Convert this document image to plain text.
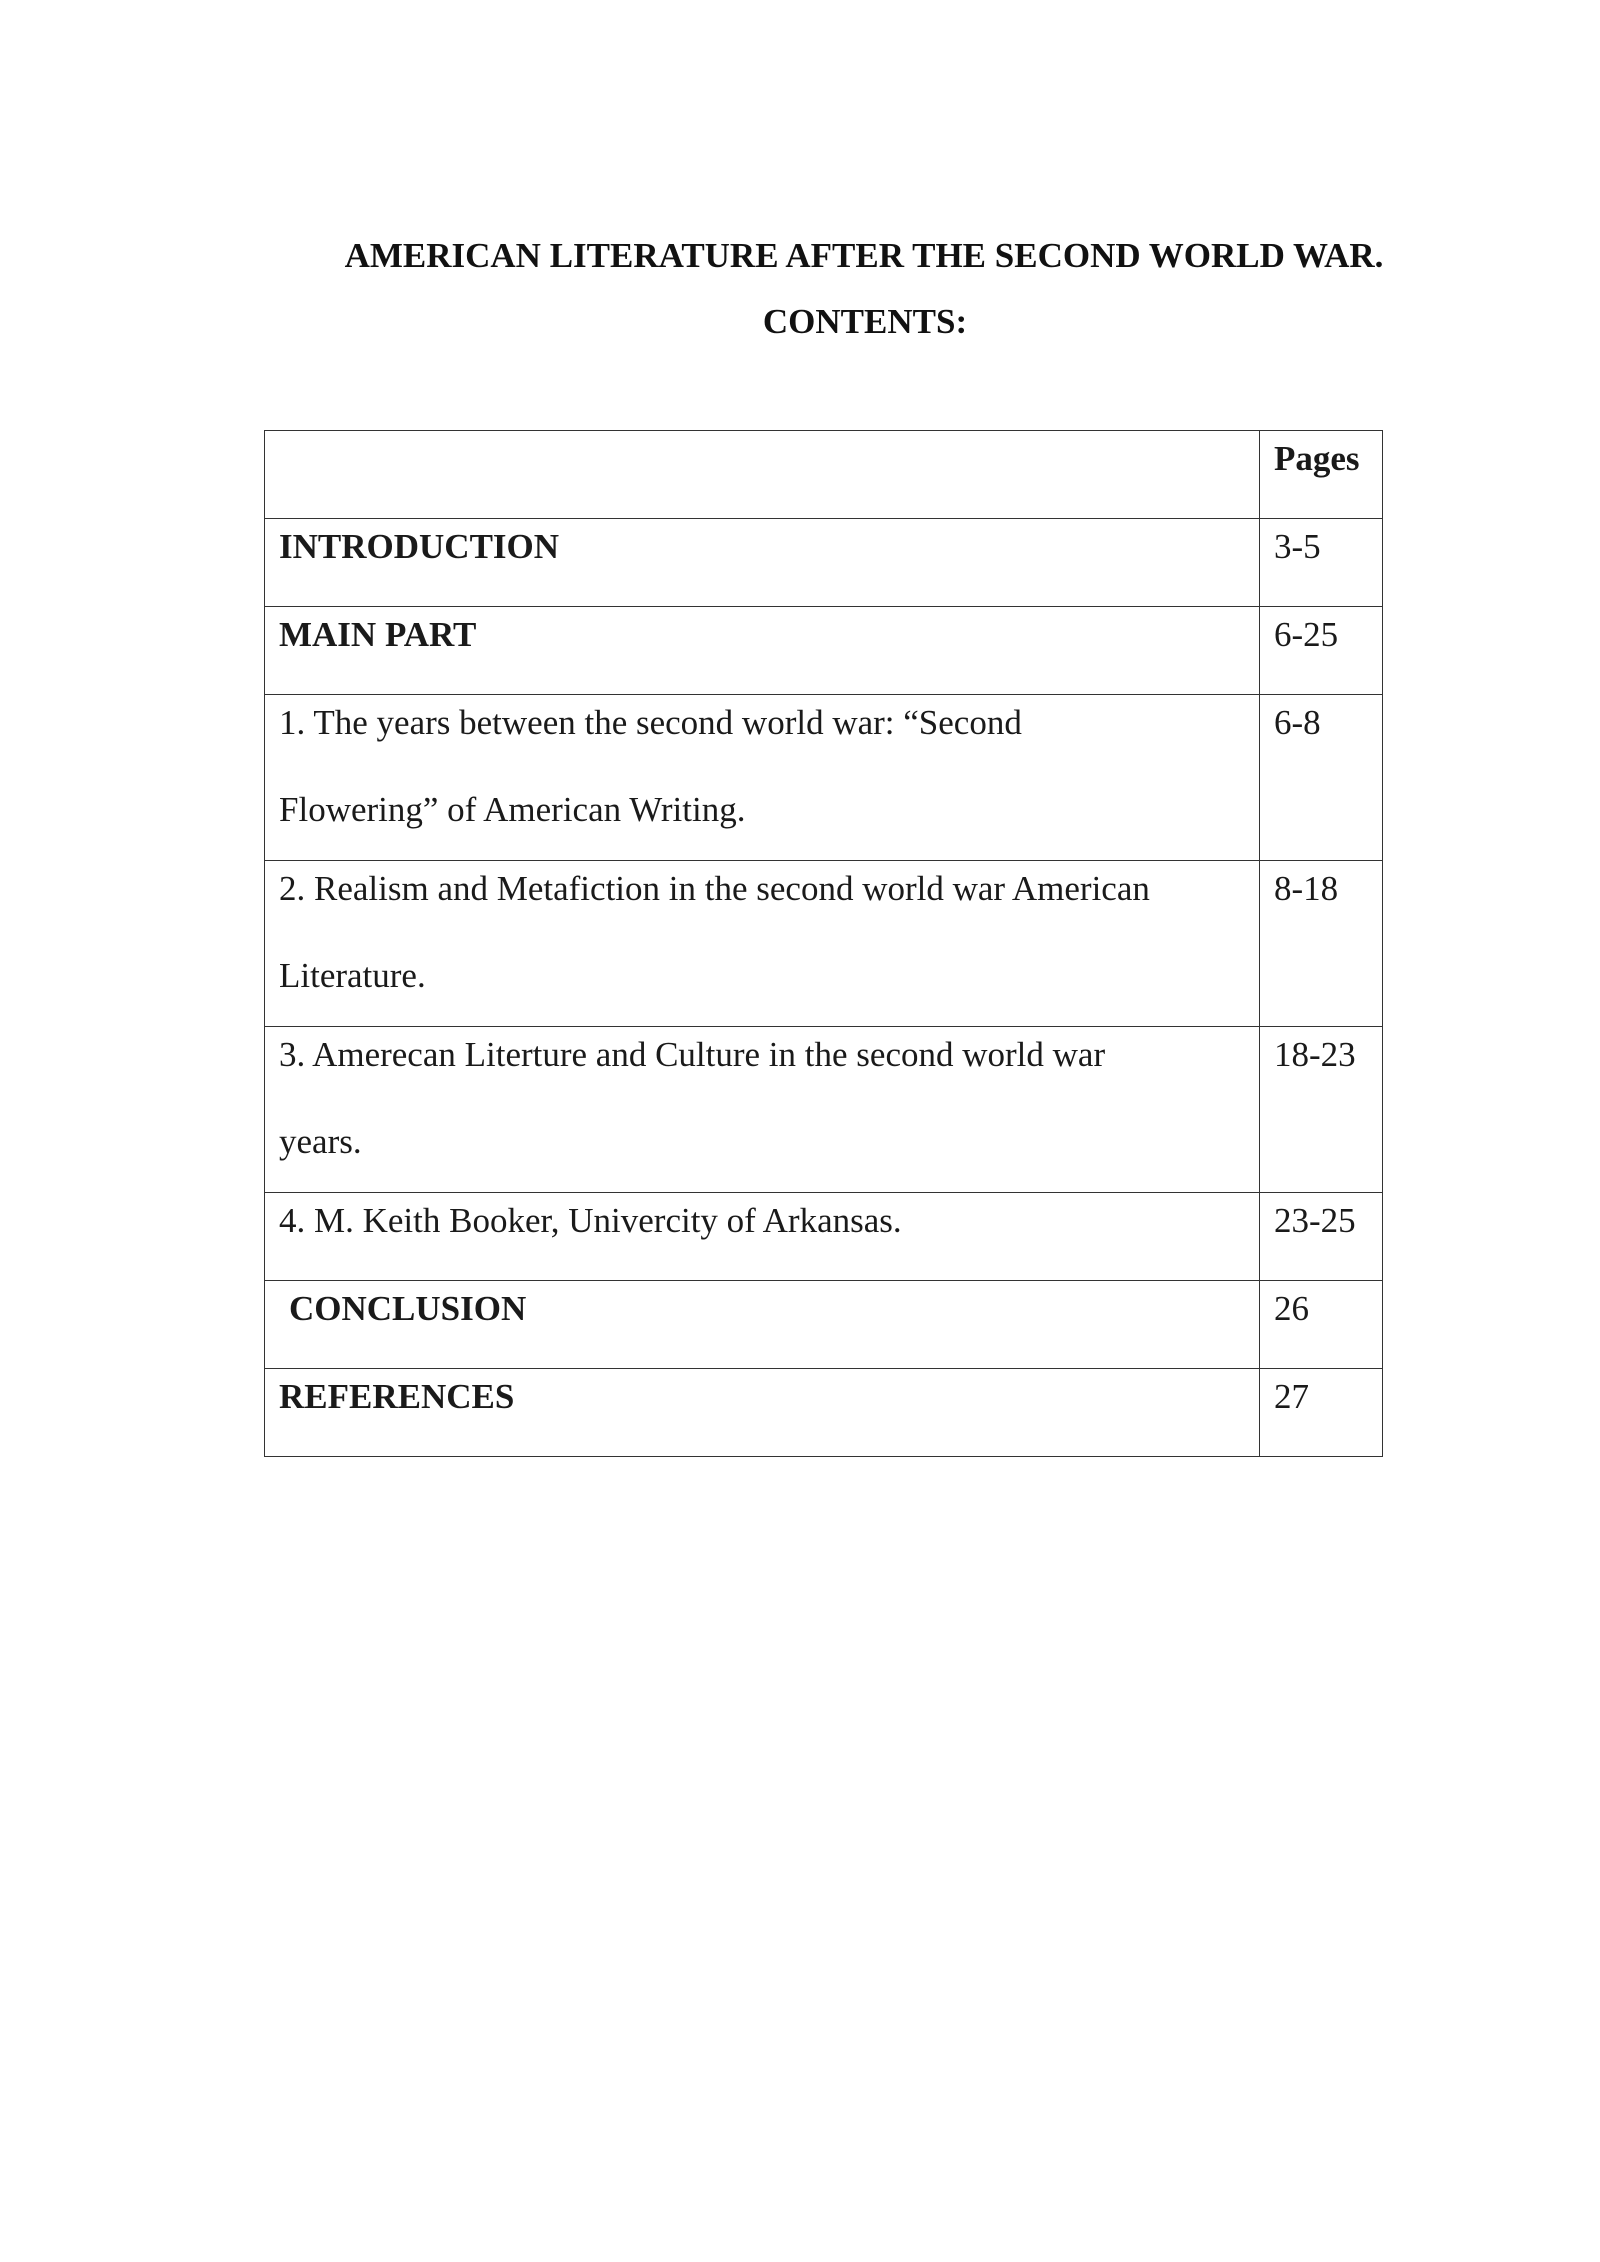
AMERICAN LITERATURE AFTER THE SECOND WORLD WAR.
CONTENTS:
	Pages
INTRODUCTION	3-5
MAIN PART	6-25
1. The years between the second world war: “Second
Flowering” of American Writing.	6-8
2. Realism and Metafiction in the second world war American
Literature.	8-18
3. Amerecan Literture and Culture in the second world war
years.	18-23
4. M. Keith Booker, Univercity of Arkansas.	23-25
CONCLUSION	26
REFERENCES	27
